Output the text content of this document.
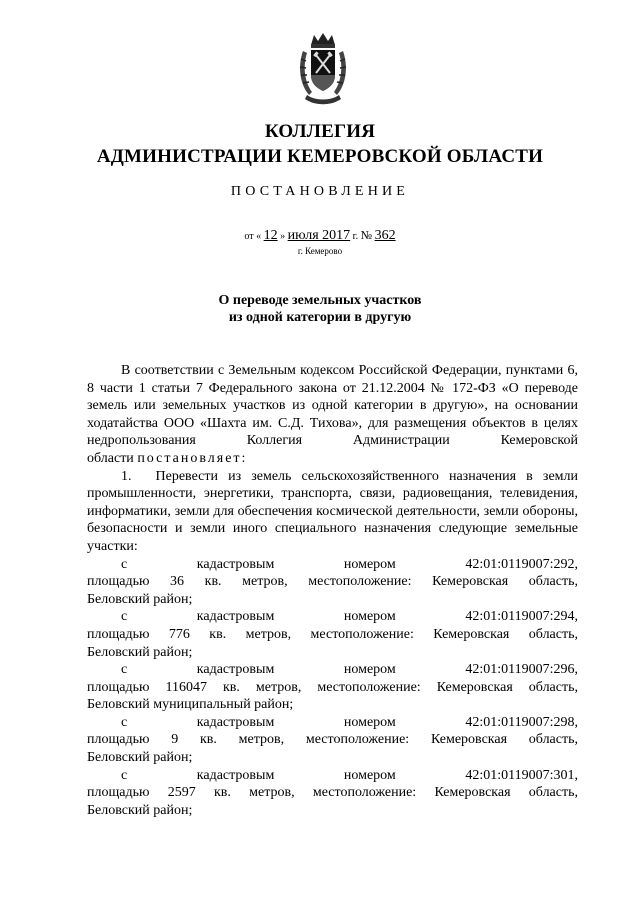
КОЛЛЕГИЯ
АДМИНИСТРАЦИИ КЕМЕРОВСКОЙ ОБЛАСТИ
ПОСТАНОВЛЕНИЕ
от « 12 » июля 2017 г. № 362
г. Кемерово
О переводе земельных участков
из одной категории в другую

В соответствии с Земельным кодексом Российской Федерации, пунктами 6, 8 части 1 статьи 7 Федерального закона от 21.12.2004 № 172-ФЗ «О переводе земель или земельных участков из одной категории в другую», на основании ходатайства ООО «Шахта им. С.Д. Тихова», для размещения объектов в целях недропользования Коллегия Администрации Кемеровской

области постановляет:

1. Перевести из земель сельскохозяйственного назначения в земли промышленности, энергетики, транспорта, связи, радиовещания, телевидения, информатики, земли для обеспечения космической деятельности, земли обороны, безопасности и земли иного специального назначения следующие земельные участки:

с кадастровым номером 42:01:0119007:292,

площадью 36 кв. метров, местоположение: Кемеровская область,

Беловский район;

с кадастровым номером 42:01:0119007:294,

площадью 776 кв. метров, местоположение: Кемеровская область,

Беловский район;

с кадастровым номером 42:01:0119007:296,

площадью 116047 кв. метров, местоположение: Кемеровская область,

Беловский муниципальный район;

с кадастровым номером 42:01:0119007:298,

площадью 9 кв. метров, местоположение: Кемеровская область,

Беловский район;

с кадастровым номером 42:01:0119007:301,

площадью 2597 кв. метров, местоположение: Кемеровская область,

Беловский район;
